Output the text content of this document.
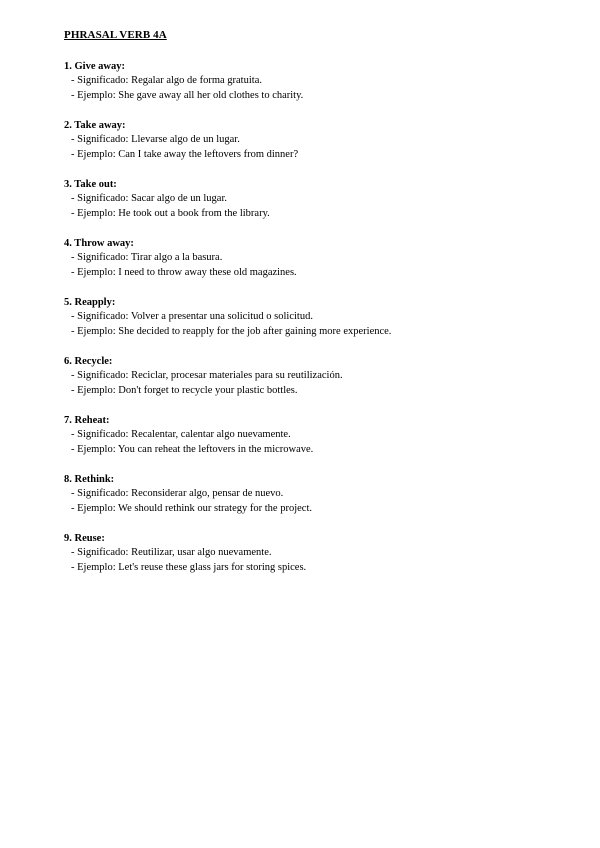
PHRASAL VERB 4A
1. Give away:
- Significado: Regalar algo de forma gratuita.
- Ejemplo: She gave away all her old clothes to charity.
2. Take away:
- Significado: Llevarse algo de un lugar.
- Ejemplo: Can I take away the leftovers from dinner?
3. Take out:
- Significado: Sacar algo de un lugar.
- Ejemplo: He took out a book from the library.
4. Throw away:
- Significado: Tirar algo a la basura.
- Ejemplo: I need to throw away these old magazines.
5. Reapply:
- Significado: Volver a presentar una solicitud o solicitud.
- Ejemplo: She decided to reapply for the job after gaining more experience.
6. Recycle:
- Significado: Reciclar, procesar materiales para su reutilización.
- Ejemplo: Don't forget to recycle your plastic bottles.
7. Reheat:
- Significado: Recalentar, calentar algo nuevamente.
- Ejemplo: You can reheat the leftovers in the microwave.
8. Rethink:
- Significado: Reconsiderar algo, pensar de nuevo.
- Ejemplo: We should rethink our strategy for the project.
9. Reuse:
- Significado: Reutilizar, usar algo nuevamente.
- Ejemplo: Let's reuse these glass jars for storing spices.
